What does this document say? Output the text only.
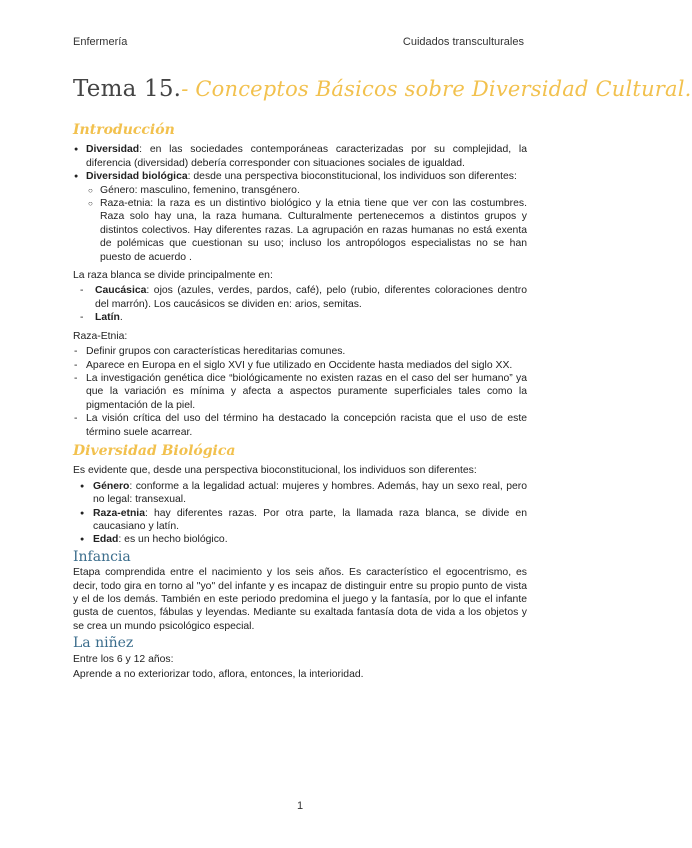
Enfermería	Cuidados transculturales
Tema 15.- Conceptos Básicos sobre Diversidad Cultural.
Introducción
● Diversidad: en las sociedades contemporáneas caracterizadas por su complejidad, la diferencia (diversidad) debería corresponder con situaciones sociales de igualdad.
● Diversidad biológica: desde una perspectiva bioconstitucional, los individuos son diferentes:
○ Género: masculino, femenino, transgénero.
○ Raza-etnia: la raza es un distintivo biológico y la etnia tiene que ver con las costumbres. Raza solo hay una, la raza humana. Culturalmente pertenecemos a distintos grupos y distintos colectivos. Hay diferentes razas. La agrupación en razas humanas no está exenta de polémicas que cuestionan su uso; incluso los antropólogos especialistas no se han puesto de acuerdo .
La raza blanca se divide principalmente en:
- Caucásica: ojos (azules, verdes, pardos, café), pelo (rubio, diferentes coloraciones dentro del marrón). Los caucásicos se dividen en: arios, semitas.
- Latín.
Raza-Etnia:
- Definir grupos con características hereditarias comunes.
- Aparece en Europa en el siglo XVI y fue utilizado en Occidente hasta mediados del siglo XX.
- La investigación genética dice “biológicamente no existen razas en el caso del ser humano” ya que la variación es mínima y afecta a aspectos puramente superficiales tales como la pigmentación de la piel.
- La visión crítica del uso del término ha destacado la concepción racista que el uso de este término suele acarrear.
Diversidad Biológica
Es evidente que, desde una perspectiva bioconstitucional, los individuos son diferentes:
● Género: conforme a la legalidad actual: mujeres y hombres. Además, hay un sexo real, pero no legal: transexual.
● Raza-etnia: hay diferentes razas. Por otra parte, la llamada raza blanca, se divide en caucasiano y latín.
● Edad: es un hecho biológico.
Infancia
Etapa comprendida entre el nacimiento y los seis años. Es característico el egocentrismo, es decir, todo gira en torno al "yo" del infante y es incapaz de distinguir entre su propio punto de vista y el de los demás. También en este periodo predomina el juego y la fantasía, por lo que el infante gusta de cuentos, fábulas y leyendas. Mediante su exaltada fantasía dota de vida a los objetos y se crea un mundo psicológico especial.
La niñez
Entre los 6 y 12 años:
Aprende a no exteriorizar todo, aflora, entonces, la interioridad.
1
